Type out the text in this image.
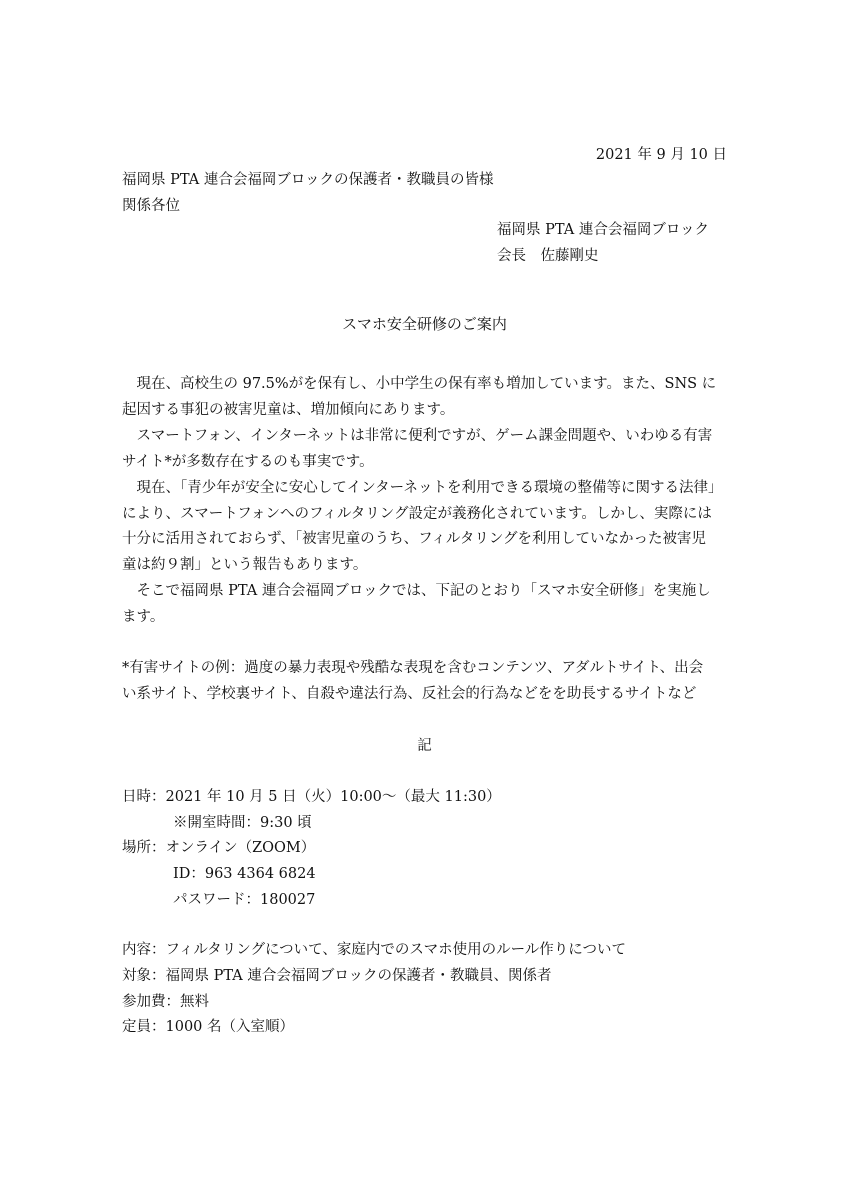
2021 年 9 月 10 日
福岡県 PTA 連合会福岡ブロックの保護者・教職員の皆様
関係各位
福岡県 PTA 連合会福岡ブロック
会長　佐藤剛史
スマホ安全研修のご案内
　現在、高校生の 97.5%がを保有し、小中学生の保有率も増加しています。また、SNS に
起因する事犯の被害児童は、増加傾向にあります。
　スマートフォン、インターネットは非常に便利ですが、ゲーム課金問題や、いわゆる有害
サイト*が多数存在するのも事実です。
　現在、「青少年が安全に安心してインターネットを利用できる環境の整備等に関する法律」
により、スマートフォンへのフィルタリング設定が義務化されています。しかし、実際には
十分に活用されておらず、「被害児童のうち、フィルタリングを利用していなかった被害児
童は約９割」という報告もあります。
　そこで福岡県 PTA 連合会福岡ブロックでは、下記のとおり「スマホ安全研修」を実施し
ます。
*有害サイトの例：過度の暴力表現や残酷な表現を含むコンテンツ、アダルトサイト、出会
い系サイト、学校裏サイト、自殺や違法行為、反社会的行為などをを助長するサイトなど
記
日時：2021 年 10 月 5 日（火）10:00～（最大 11:30）
※開室時間：9:30 頃
場所：オンライン（ZOOM）
ID：963 4364 6824
パスワード：180027
内容：フィルタリングについて、家庭内でのスマホ使用のルール作りについて
対象：福岡県 PTA 連合会福岡ブロックの保護者・教職員、関係者
参加費：無料
定員：1000 名（入室順）
